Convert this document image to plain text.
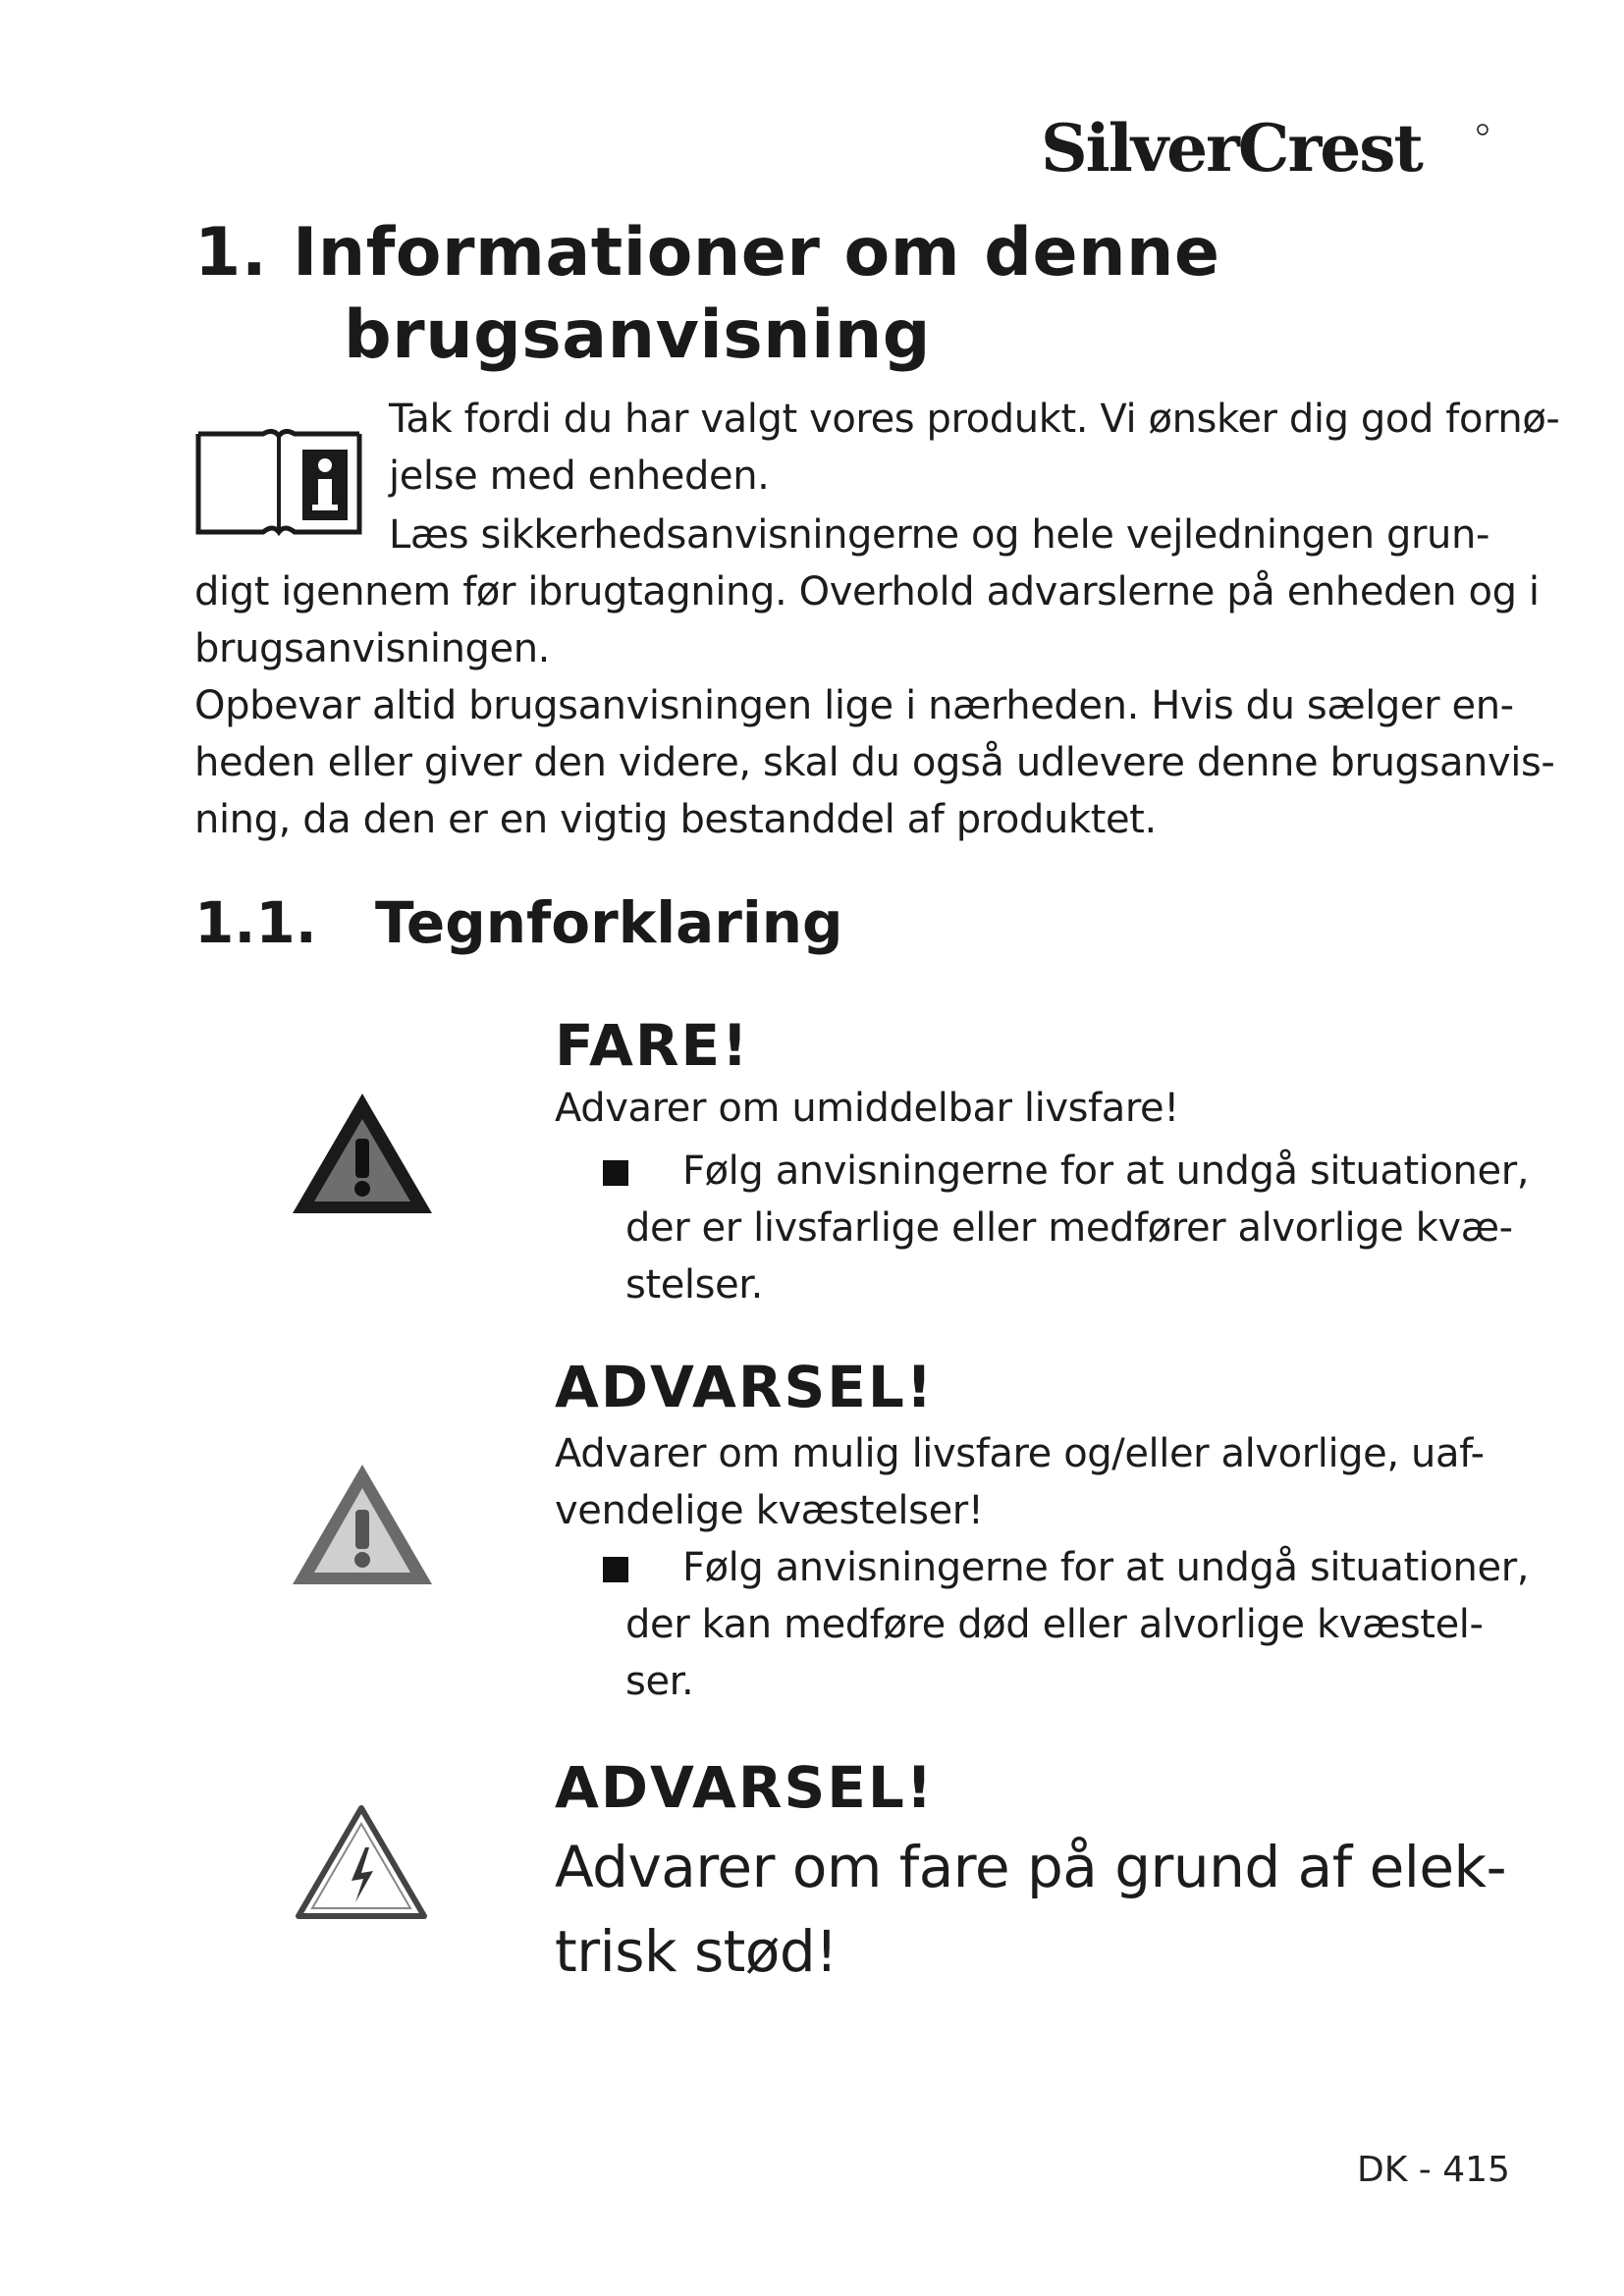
SilverCrest
1. Informationer om denne
brugsanvisning
Tak fordi du har valgt vores produkt. Vi ønsker dig god fornø-
jelse med enheden.
Læs sikkerhedsanvisningerne og hele vejledningen grun-
digt igennem før ibrugtagning. Overhold advarslerne på enheden og i
brugsanvisningen.
Opbevar altid brugsanvisningen lige i nærheden. Hvis du sælger en-
heden eller giver den videre, skal du også udlevere denne brugsanvis-
ning, da den er en vigtig bestanddel af produktet.
1.1. Tegnforklaring
FARE!
Advarer om umiddelbar livsfare!
Følg anvisningerne for at undgå situationer,
der er livsfarlige eller medfører alvorlige kvæ-
stelser.
ADVARSEL!
Advarer om mulig livsfare og/eller alvorlige, uaf-
vendelige kvæstelser!
Følg anvisningerne for at undgå situationer,
der kan medføre død eller alvorlige kvæstel-
ser.
ADVARSEL!
Advarer om fare på grund af elek-
trisk stød!
DK - 415
